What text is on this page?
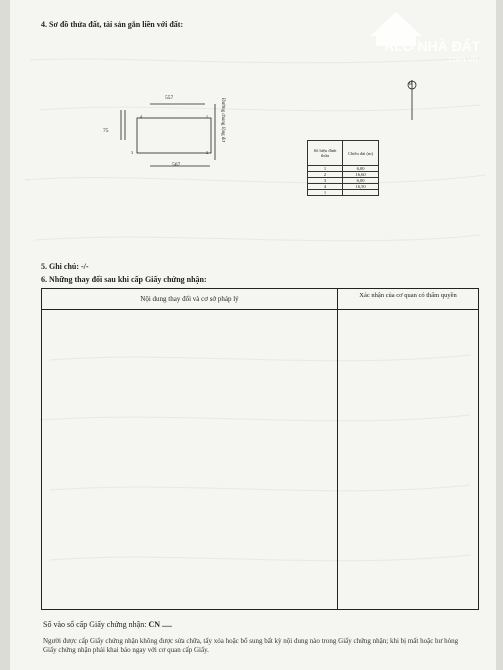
ALO NHÀ ĐẤT
.com.vn
4. Sơ đồ thửa đất, tài sản gắn liền với đất:
557
567
75	Đường chung lộng đơ
4	1
3	2
B
Số hiệu đỉnh thửa	Chiều dài (m)
1	6,00
2	16,60
3	6,00
4	16,50
1	
5. Ghi chú: -/-
6. Những thay đổi sau khi cấp Giấy chứng nhận:
Nội dung thay đổi và cơ sở pháp lý	Xác nhận của cơ quan có thẩm quyền
Số vào sổ cấp Giấy chứng nhận: CN .....
Người được cấp Giấy chứng nhận không được sửa chữa, tẩy xóa hoặc bổ sung bất kỳ nội dung nào trong Giấy chứng nhận; khi bị mất hoặc hư hỏng Giấy chứng nhận phải khai báo ngay với cơ quan cấp Giấy.
